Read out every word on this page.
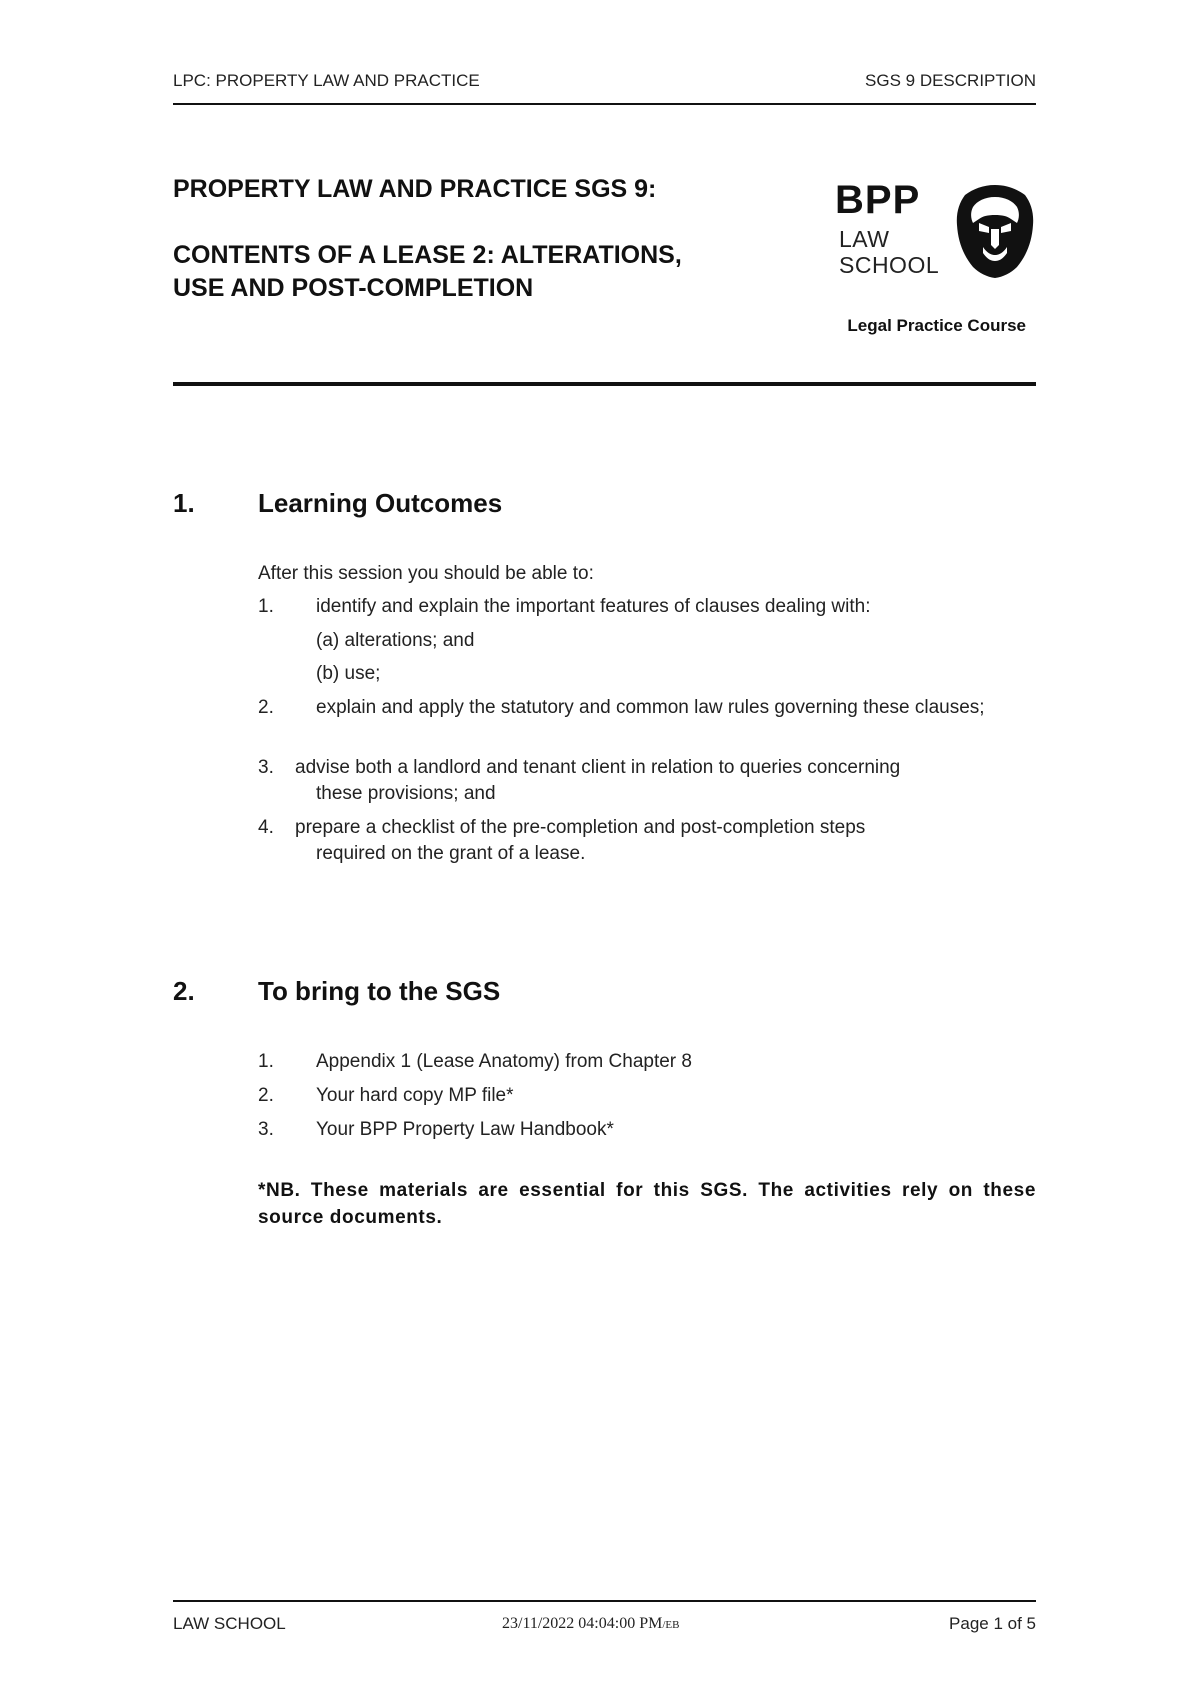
LPC: PROPERTY LAW AND PRACTICE	SGS 9 DESCRIPTION
PROPERTY LAW AND PRACTICE SGS 9:
CONTENTS OF A LEASE 2: ALTERATIONS,
USE AND POST-COMPLETION
BPP
LAW
SCHOOL
Legal Practice Course
1. Learning Outcomes
After this session you should be able to:
1. identify and explain the important features of clauses dealing with:
(a) alterations; and
(b) use;
2. explain and apply the statutory and common law rules governing these clauses;
3. advise both a landlord and tenant client in relation to queries concerning
these provisions; and
4. prepare a checklist of the pre-completion and post-completion steps
required on the grant of a lease.
2. To bring to the SGS
1. Appendix 1 (Lease Anatomy) from Chapter 8
2. Your hard copy MP file*
3. Your BPP Property Law Handbook*
*NB. These materials are essential for this SGS. The activities rely on these source documents.
LAW SCHOOL	23/11/2022 04:04:00 PM/EB	Page 1 of 5
